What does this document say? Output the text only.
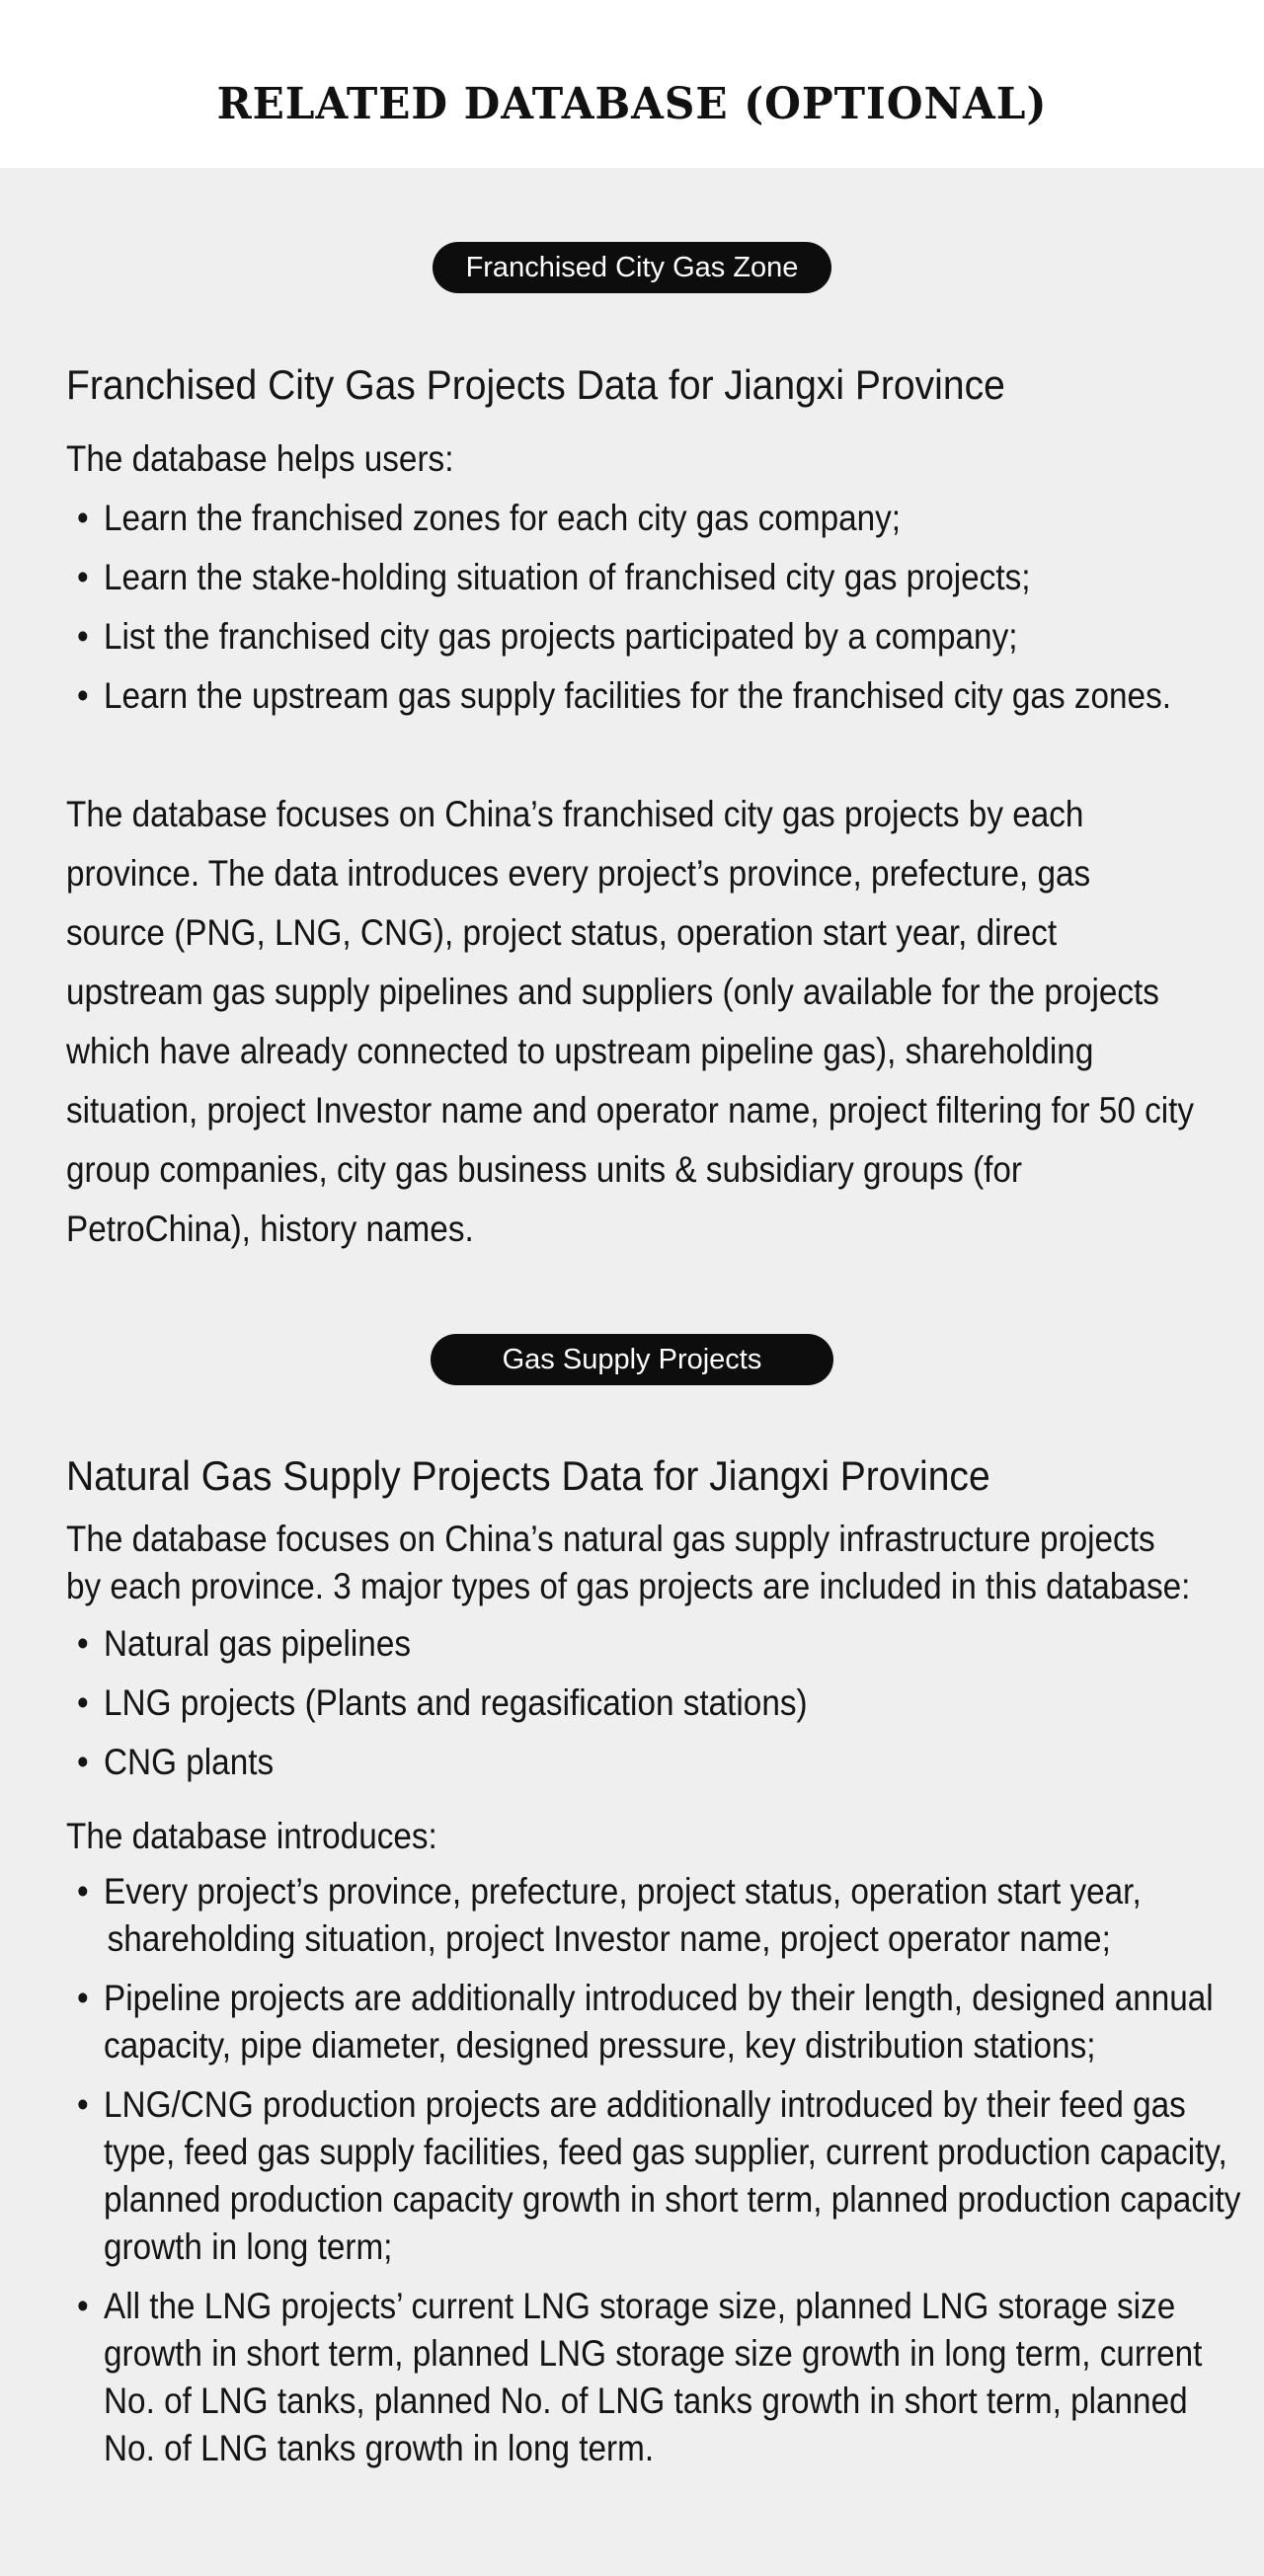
RELATED DATABASE (OPTIONAL)
Franchised City Gas Zone
Franchised City Gas Projects Data for Jiangxi Province
The database helps users:
• Learn the franchised zones for each city gas company;
• Learn the stake-holding situation of franchised city gas projects;
• List the franchised city gas projects participated by a company;
• Learn the upstream gas supply facilities for the franchised city gas zones.
The database focuses on China’s franchised city gas projects by each province. The data introduces every project’s province, prefecture, gas source (PNG, LNG, CNG), project status, operation start year, direct upstream gas supply pipelines and suppliers (only available for the projects which have already connected to upstream pipeline gas), shareholding situation, project Investor name and operator name, project filtering for 50 city group companies, city gas business units & subsidiary groups (for PetroChina), history names.
Gas Supply Projects
Natural Gas Supply Projects Data for Jiangxi Province
The database focuses on China’s natural gas supply infrastructure projects
by each province. 3 major types of gas projects are included in this database:
• Natural gas pipelines
• LNG projects (Plants and regasification stations)
• CNG plants
The database introduces:
• Every project’s province, prefecture, project status, operation start year,
shareholding situation, project Investor name, project operator name;
• Pipeline projects are additionally introduced by their length, designed annual
capacity, pipe diameter, designed pressure, key distribution stations;
• LNG/CNG production projects are additionally introduced by their feed gas
type, feed gas supply facilities, feed gas supplier, current production capacity,
planned production capacity growth in short term, planned production capacity
growth in long term;
• All the LNG projects’ current LNG storage size, planned LNG storage size
growth in short term, planned LNG storage size growth in long term, current
No. of LNG tanks, planned No. of LNG tanks growth in short term, planned
No. of LNG tanks growth in long term.
